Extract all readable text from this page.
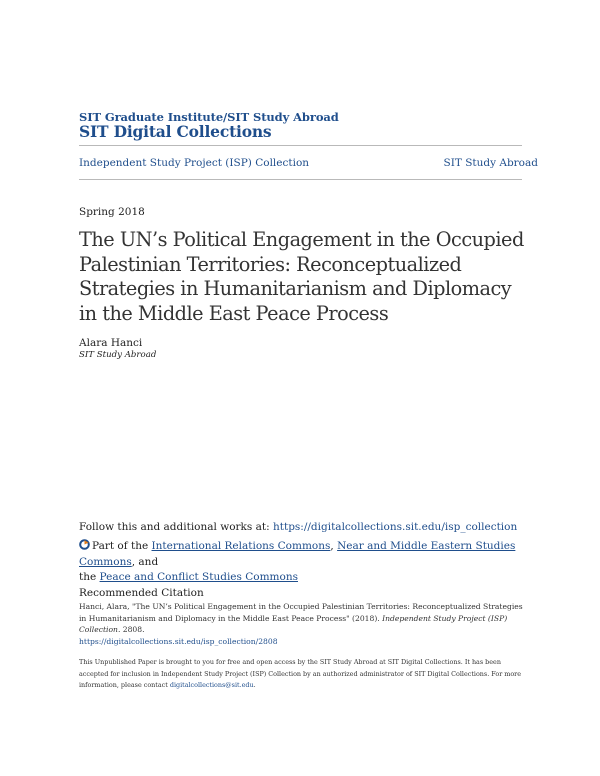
SIT Graduate Institute/SIT Study Abroad
SIT Digital Collections
Independent Study Project (ISP) Collection	SIT Study Abroad
Spring 2018
The UN’s Political Engagement in the Occupied Palestinian Territories: Reconceptualized Strategies in Humanitarianism and Diplomacy in the Middle East Peace Process
Alara Hanci
SIT Study Abroad
Follow this and additional works at: https://digitalcollections.sit.edu/isp_collection
Part of the International Relations Commons, Near and Middle Eastern Studies Commons, and
the Peace and Conflict Studies Commons
Recommended Citation
Hanci, Alara, "The UN’s Political Engagement in the Occupied Palestinian Territories: Reconceptualized Strategies in Humanitarianism and Diplomacy in the Middle East Peace Process" (2018). Independent Study Project (ISP) Collection. 2808.
https://digitalcollections.sit.edu/isp_collection/2808
This Unpublished Paper is brought to you for free and open access by the SIT Study Abroad at SIT Digital Collections. It has been accepted for inclusion in Independent Study Project (ISP) Collection by an authorized administrator of SIT Digital Collections. For more information, please contact digitalcollections@sit.edu.
